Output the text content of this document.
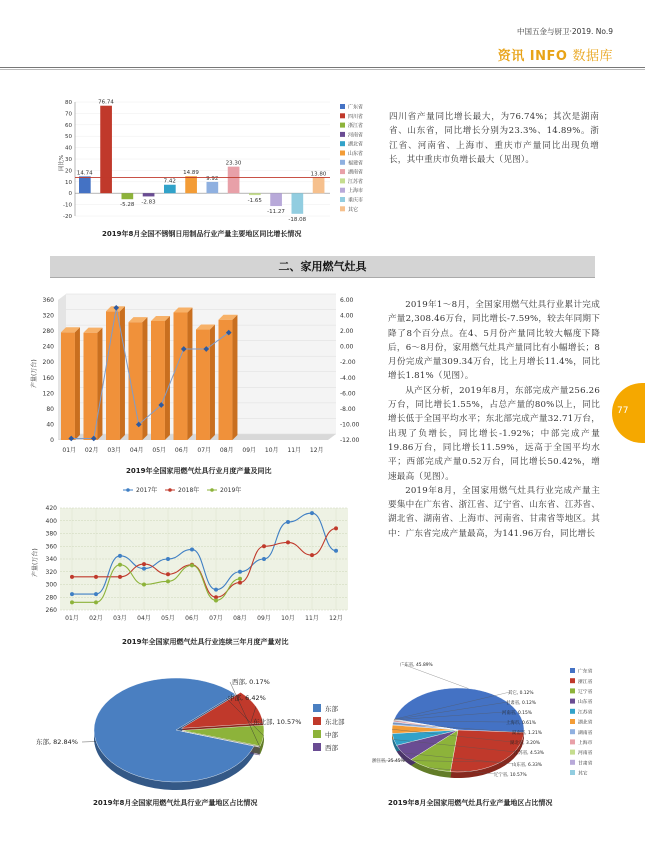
中国五金与厨卫·2019. No.9
资讯 INFO 数据库
80
70
60
50
40
30
20
10
0
-10
-20
同比%
14.74
76.74
-5.28 -2.83
7.42
14.89
9.92
23.30
-1.65
-11.27
-18.08
13.80
广东省
四川省
浙江省
河南省
湖北省
山东省
福建省
湖南省
江苏省
上海市
重庆市
其它
2019年8月全国不锈钢日用制品行业产量主要地区同比增长情况

四川省产量同比增长最大，为76.74%；其次是湖南省、山东省，同比增长分别为23.3%、14.89%。浙江省、河南省、上海市、重庆市产量同比出现负增长，其中重庆市负增长最大（见图）。

二、家用燃气灶具
360
320
280
240
200
160
120
80
40
0
6.00
4.00
2.00
0.00
-2.00
-4.00
-6.00
-8.00
-10.00
-12.00
产量(万台)
01月 02月 03月 04月 05月 06月 07月 08月 09月 10月 11月 12月
2019年全国家用燃气灶具行业月度产量及同比
2017年	2018年	2019年
420
400
380
360
340
320
300
280
260
产量(万台)
01月 02月 03月 04月 05月 06月 07月 08月 09月 10月 11月 12月
2019年全国家用燃气灶具行业连续三年月度产量对比

2019年1～8月，全国家用燃气灶具行业累计完成产量2,308.46万台，同比增长-7.59%，较去年同期下降了8个百分点。在4、5月份产量同比较大幅度下降后，6～8月份，家用燃气灶具产量同比有小幅增长；8月份完成产量309.34万台，比上月增长11.4%，同比增长1.81%（见图）。

从产区分析，2019年8月，东部完成产量256.26万台，同比增长1.55%，占总产量的80%以上，同比增长低于全国平均水平；东北部完成产量32.71万台，出现了负增长，同比增长-1.92%；中部完成产量19.86万台，同比增长11.59%，远高于全国平均水平；西部完成产量0.52万台，同比增长50.42%，增速最高（见图）。

2019年8月，全国家用燃气灶具行业完成产量主要集中在广东省、浙江省、辽宁省、山东省、江苏省、湖北省、湖南省、上海市、河南省、甘肃省等地区。其中：广东省完成产量最高，为141.96万台，同比增长

77
东部, 82.84%
东北部, 10.57%
中部, 6.42%
西部, 0.17%
东部
东北部
中部
西部
2019年8月全国家用燃气灶具行业产量地区占比情况
广东省, 45.89%
浙江省, 25.45%
辽宁省, 10.57%
山东省, 6.33%
江苏省, 4.53%
湖北省, 3.20%
湖南省, 1.21%
上海市, 0.61%
河南省, 0.15%
甘肃省, 0.12%
其它, 0.12%
广东省
浙江省
辽宁省
山东省
江苏省
湖北省
湖南省
上海市
河南省
甘肃省
其它
2019年8月全国家用燃气灶具行业产量地区占比情况
